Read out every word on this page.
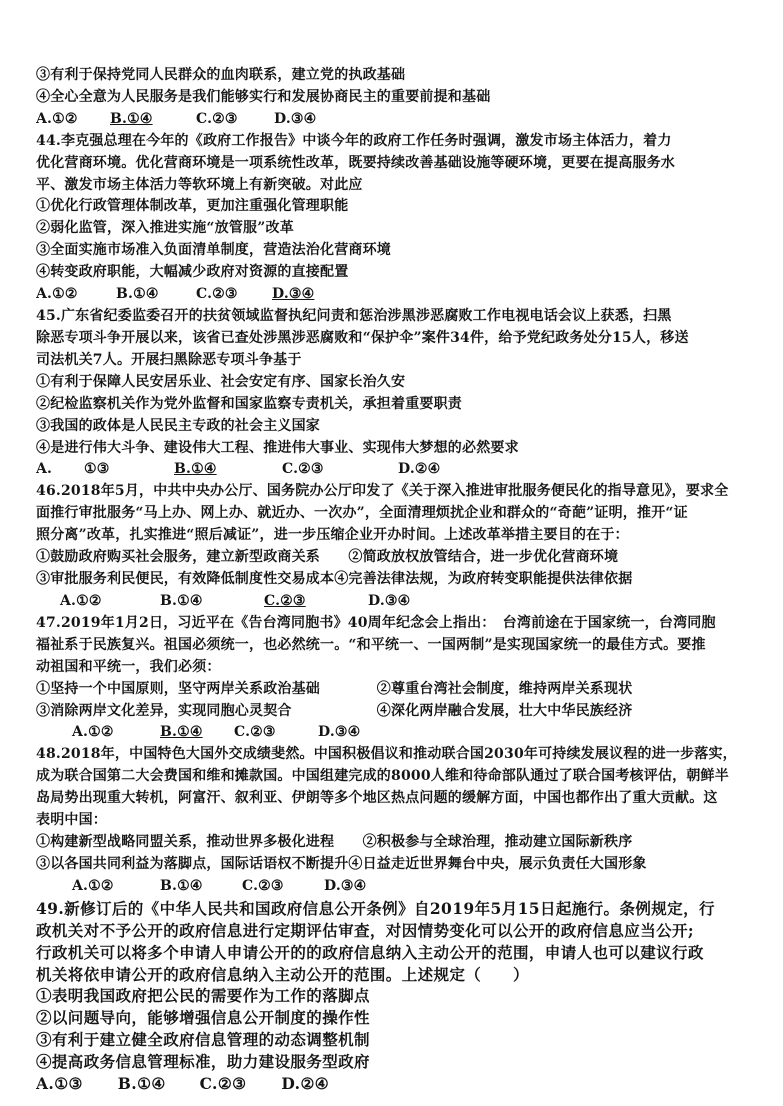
③有利于保持党同人民群众的血肉联系，建立党的执政基础
④全心全意为人民服务是我们能够实行和发展协商民主的重要前提和基础
A.①② B.①④	C.②③	D.③④
44.李克强总理在今年的《政府工作报告》中谈今年的政府工作任务时强调，激发市场主体活力，着力
优化营商环境。优化营商环境是一项系统性改革，既要持续改善基础设施等硬环境，更要在提高服务水
平、激发市场主体活力等软环境上有新突破。对此应
①优化行政管理体制改革，更加注重强化管理职能
②弱化监管，深入推进实施“放管服”改革
③全面实施市场准入负面清单制度，营造法治化营商环境
④转变政府职能，大幅减少政府对资源的直接配置
A.①②	B.①④	C.②③ D.③④
45.广东省纪委监委召开的扶贫领域监督执纪问责和惩治涉黑涉恶腐败工作电视电话会议上获悉，扫黑
除恶专项斗争开展以来，该省已查处涉黑涉恶腐败和“保护伞”案件34件，给予党纪政务处分15人，移送
司法机关7人。开展扫黑除恶专项斗争基于
①有利于保障人民安居乐业、社会安定有序、国家长治久安
②纪检监察机关作为党外监督和国家监察专责机关，承担着重要职责
③我国的政体是人民民主专政的社会主义国家
④是进行伟大斗争、建设伟大工程、推进伟大事业、实现伟大梦想的必然要求
A. ①③	B.①④	C.②③	D.②④
46.2018年5月，中共中央办公厅、国务院办公厅印发了《关于深入推进审批服务便民化的指导意见》，要求全
面推行审批服务“马上办、网上办、就近办、一次办”，全面清理烦扰企业和群众的“奇葩”证明，推开“证
照分离”改革，扎实推进“照后减证”，进一步压缩企业开办时间。上述改革举措主要目的在于：
①鼓励政府购买社会服务，建立新型政商关系　　②简政放权放管结合，进一步优化营商环境
③审批服务利民便民，有效降低制度性交易成本④完善法律法规，为政府转变职能提供法律依据
A.①②	B.①④	C.②③	D.③④
47.2019年1月2日，习近平在《告台湾同胞书》40周年纪念会上指出：　台湾前途在于国家统一，台湾同胞
福祉系于民族复兴。祖国必须统一，也必然统一。“和平统一、一国两制”是实现国家统一的最佳方式。要推
动祖国和平统一，我们必须：
①坚持一个中国原则，坚守两岸关系政治基础　　　　②尊重台湾社会制度，维持两岸关系现状
③消除两岸文化差异，实现同胞心灵契合　　　　　　④深化两岸融合发展，壮大中华民族经济
A.①②	B.①④ C.②③	D.③④
48.2018年，中国特色大国外交成绩斐然。中国积极倡议和推动联合国2030年可持续发展议程的进一步落实，
成为联合国第二大会费国和维和摊款国。中国组建完成的8000人维和待命部队通过了联合国考核评估，朝鲜半
岛局势出现重大转机，阿富汗、叙利亚、伊朗等多个地区热点问题的缓解方面，中国也都作出了重大贡献。这
表明中国：
①构建新型战略同盟关系，推动世界多极化进程　　②积极参与全球治理，推动建立国际新秩序
③以各国共同利益为落脚点，国际话语权不断提升④日益走近世界舞台中央，展示负责任大国形象
A.①②	B.①④	C.②③	D.③④
49.新修订后的《中华人民共和国政府信息公开条例》自2019年5月15日起施行。条例规定，行
政机关对不予公开的政府信息进行定期评估审查，对因情势变化可以公开的政府信息应当公开;
行政机关可以将多个申请人申请公开的的政府信息纳入主动公开的范围，申请人也可以建议行政
机关将依申请公开的政府信息纳入主动公开的范围。上述规定（　　）
①表明我国政府把公民的需要作为工作的落脚点
②以问题导向，能够增强信息公开制度的操作性
③有利于建立健全政府信息管理的动态调整机制
④提高政务信息管理标准，助力建设服务型政府
A.①③ B.①④ C.②③ D.②④
